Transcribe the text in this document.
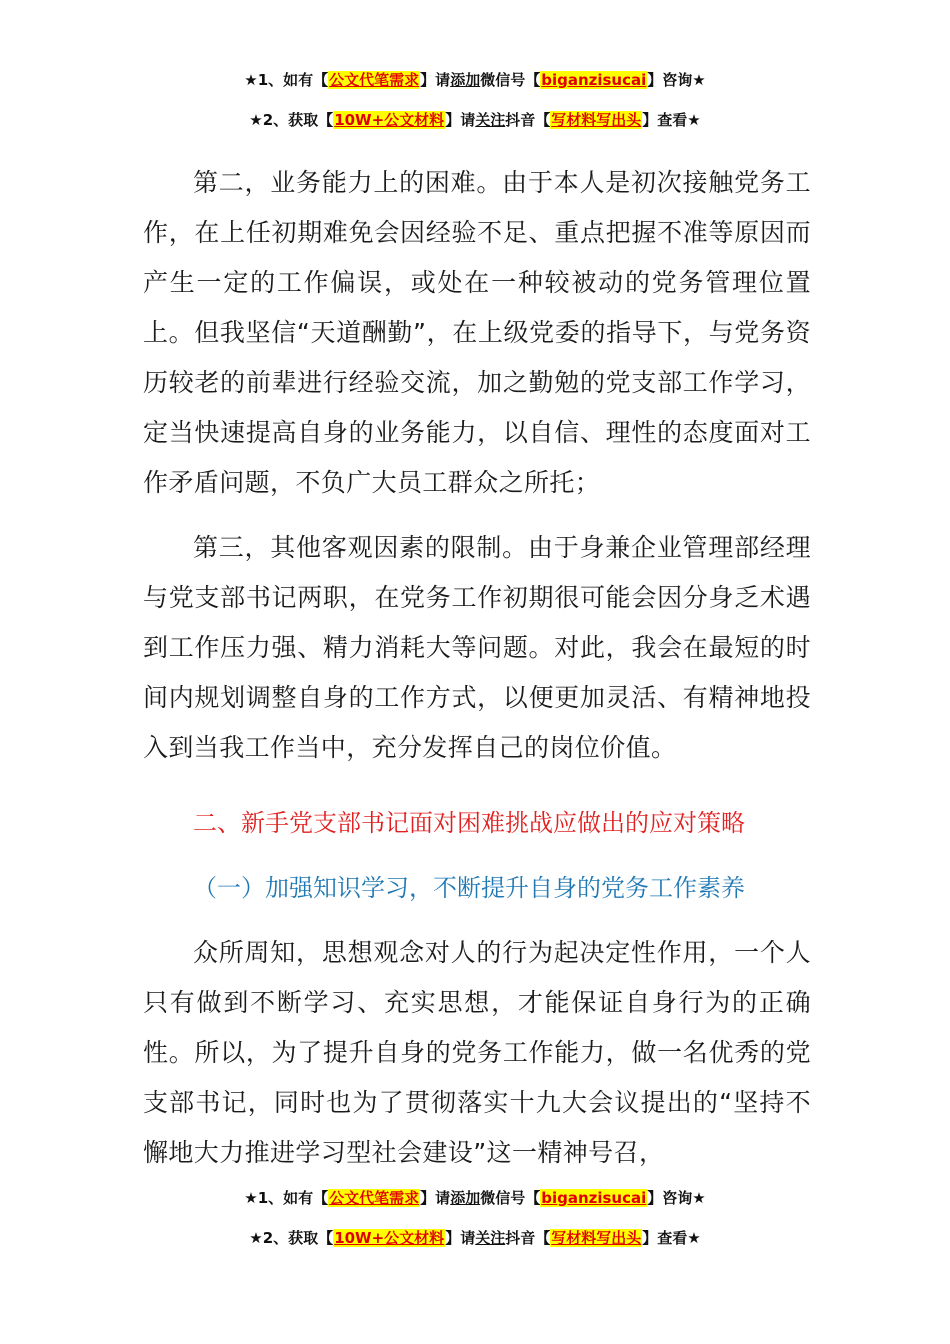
★1、如有【公文代笔需求】请添加微信号【biganzisucai】咨询★
★2、获取【10W+公文材料】请关注抖音【写材料写出头】查看★

第二，业务能力上的困难。由于本人是初次接触党务工作，在上任初期难免会因经验不足、重点把握不准等原因而产生一定的工作偏误，或处在一种较被动的党务管理位置上。但我坚信“天道酬勤”，在上级党委的指导下，与党务资历较老的前辈进行经验交流，加之勤勉的党支部工作学习，定当快速提高自身的业务能力，以自信、理性的态度面对工作矛盾问题，不负广大员工群众之所托；

第三，其他客观因素的限制。由于身兼企业管理部经理与党支部书记两职，在党务工作初期很可能会因分身乏术遇到工作压力强、精力消耗大等问题。对此，我会在最短的时间内规划调整自身的工作方式，以便更加灵活、有精神地投入到当我工作当中，充分发挥自己的岗位价值。

二、新手党支部书记面对困难挑战应做出的应对策略

（一）加强知识学习，不断提升自身的党务工作素养

众所周知，思想观念对人的行为起决定性作用，一个人只有做到不断学习、充实思想，才能保证自身行为的正确性。所以，为了提升自身的党务工作能力，做一名优秀的党支部书记，同时也为了贯彻落实十九大会议提出的“坚持不懈地大力推进学习型社会建设”这一精神号召，

★1、如有【公文代笔需求】请添加微信号【biganzisucai】咨询★
★2、获取【10W+公文材料】请关注抖音【写材料写出头】查看★
